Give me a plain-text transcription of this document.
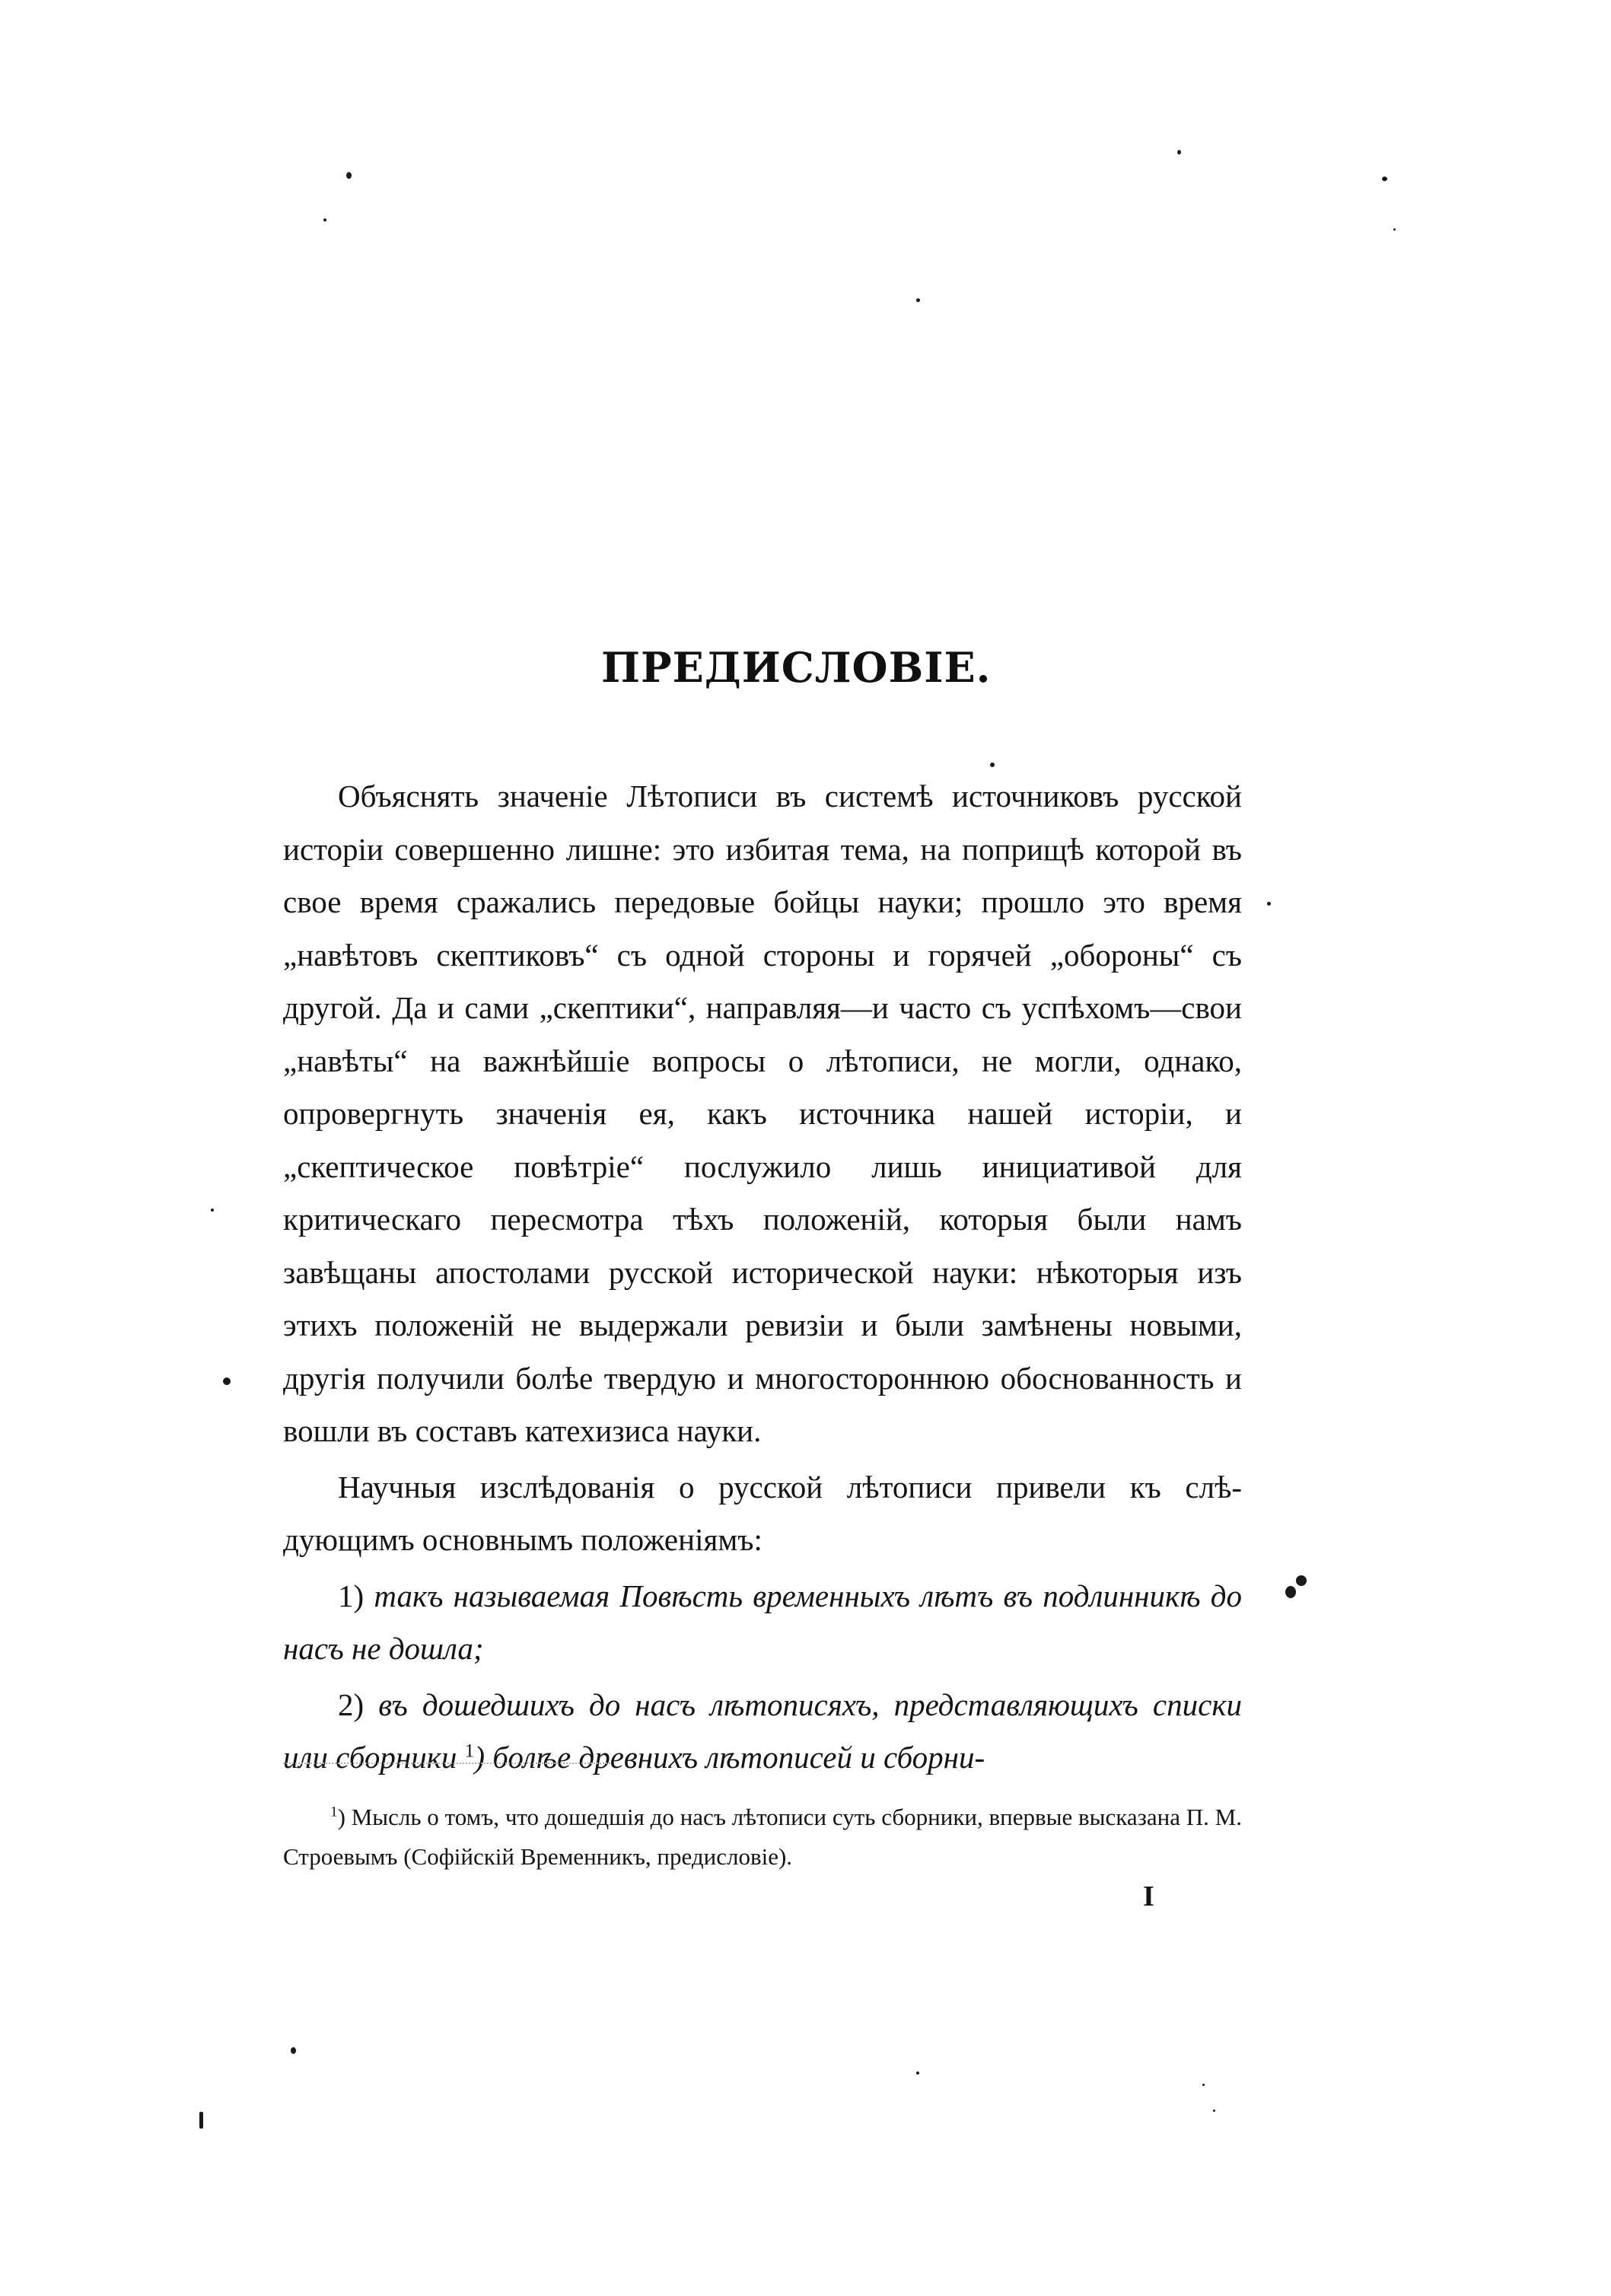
ПРЕДИСЛОВІЕ.

Объяснять значеніе Лѣтописи въ системѣ источниковъ русской исторіи совершенно лишне: это избитая тема, на поприщѣ которой въ свое время сражались передовые бойцы науки; прошло это время „навѣтовъ скептиковъ“ съ одной стороны и горячей „обороны“ съ другой. Да и сами „скептики“, направляя—и часто съ успѣхомъ—свои „навѣты“ на важнѣйшіе вопросы о лѣтописи, не могли, однако, опровергнуть значенія ея, какъ источника нашей исторіи, и „скептическое повѣтріе“ послужило лишь инициативой для критическаго пересмотра тѣхъ положеній, которыя были намъ завѣщаны апостолами русской исторической науки: нѣкоторыя изъ этихъ положеній не выдержали ревизіи и были замѣнены новыми, другія получили болѣе твердую и многостороннюю обоснованность и вошли въ составъ катехизиса науки.

Научныя изслѣдованія о русской лѣтописи привели къ слѣдующимъ основнымъ положеніямъ:

1) такъ называемая Повѣсть временныхъ лѣтъ въ подлинникѣ до насъ не дошла;

2) въ дошедшихъ до насъ лѣтописяхъ, представляющихъ списки или сборники $^1$) болѣе древнихъ лѣтописей и сборни-

$^1$) Мысль о томъ, что дошедшія до насъ лѣтописи суть сборники, впервые высказана П. М. Строевымъ (Софійскій Временникъ, предисловіе).
I
